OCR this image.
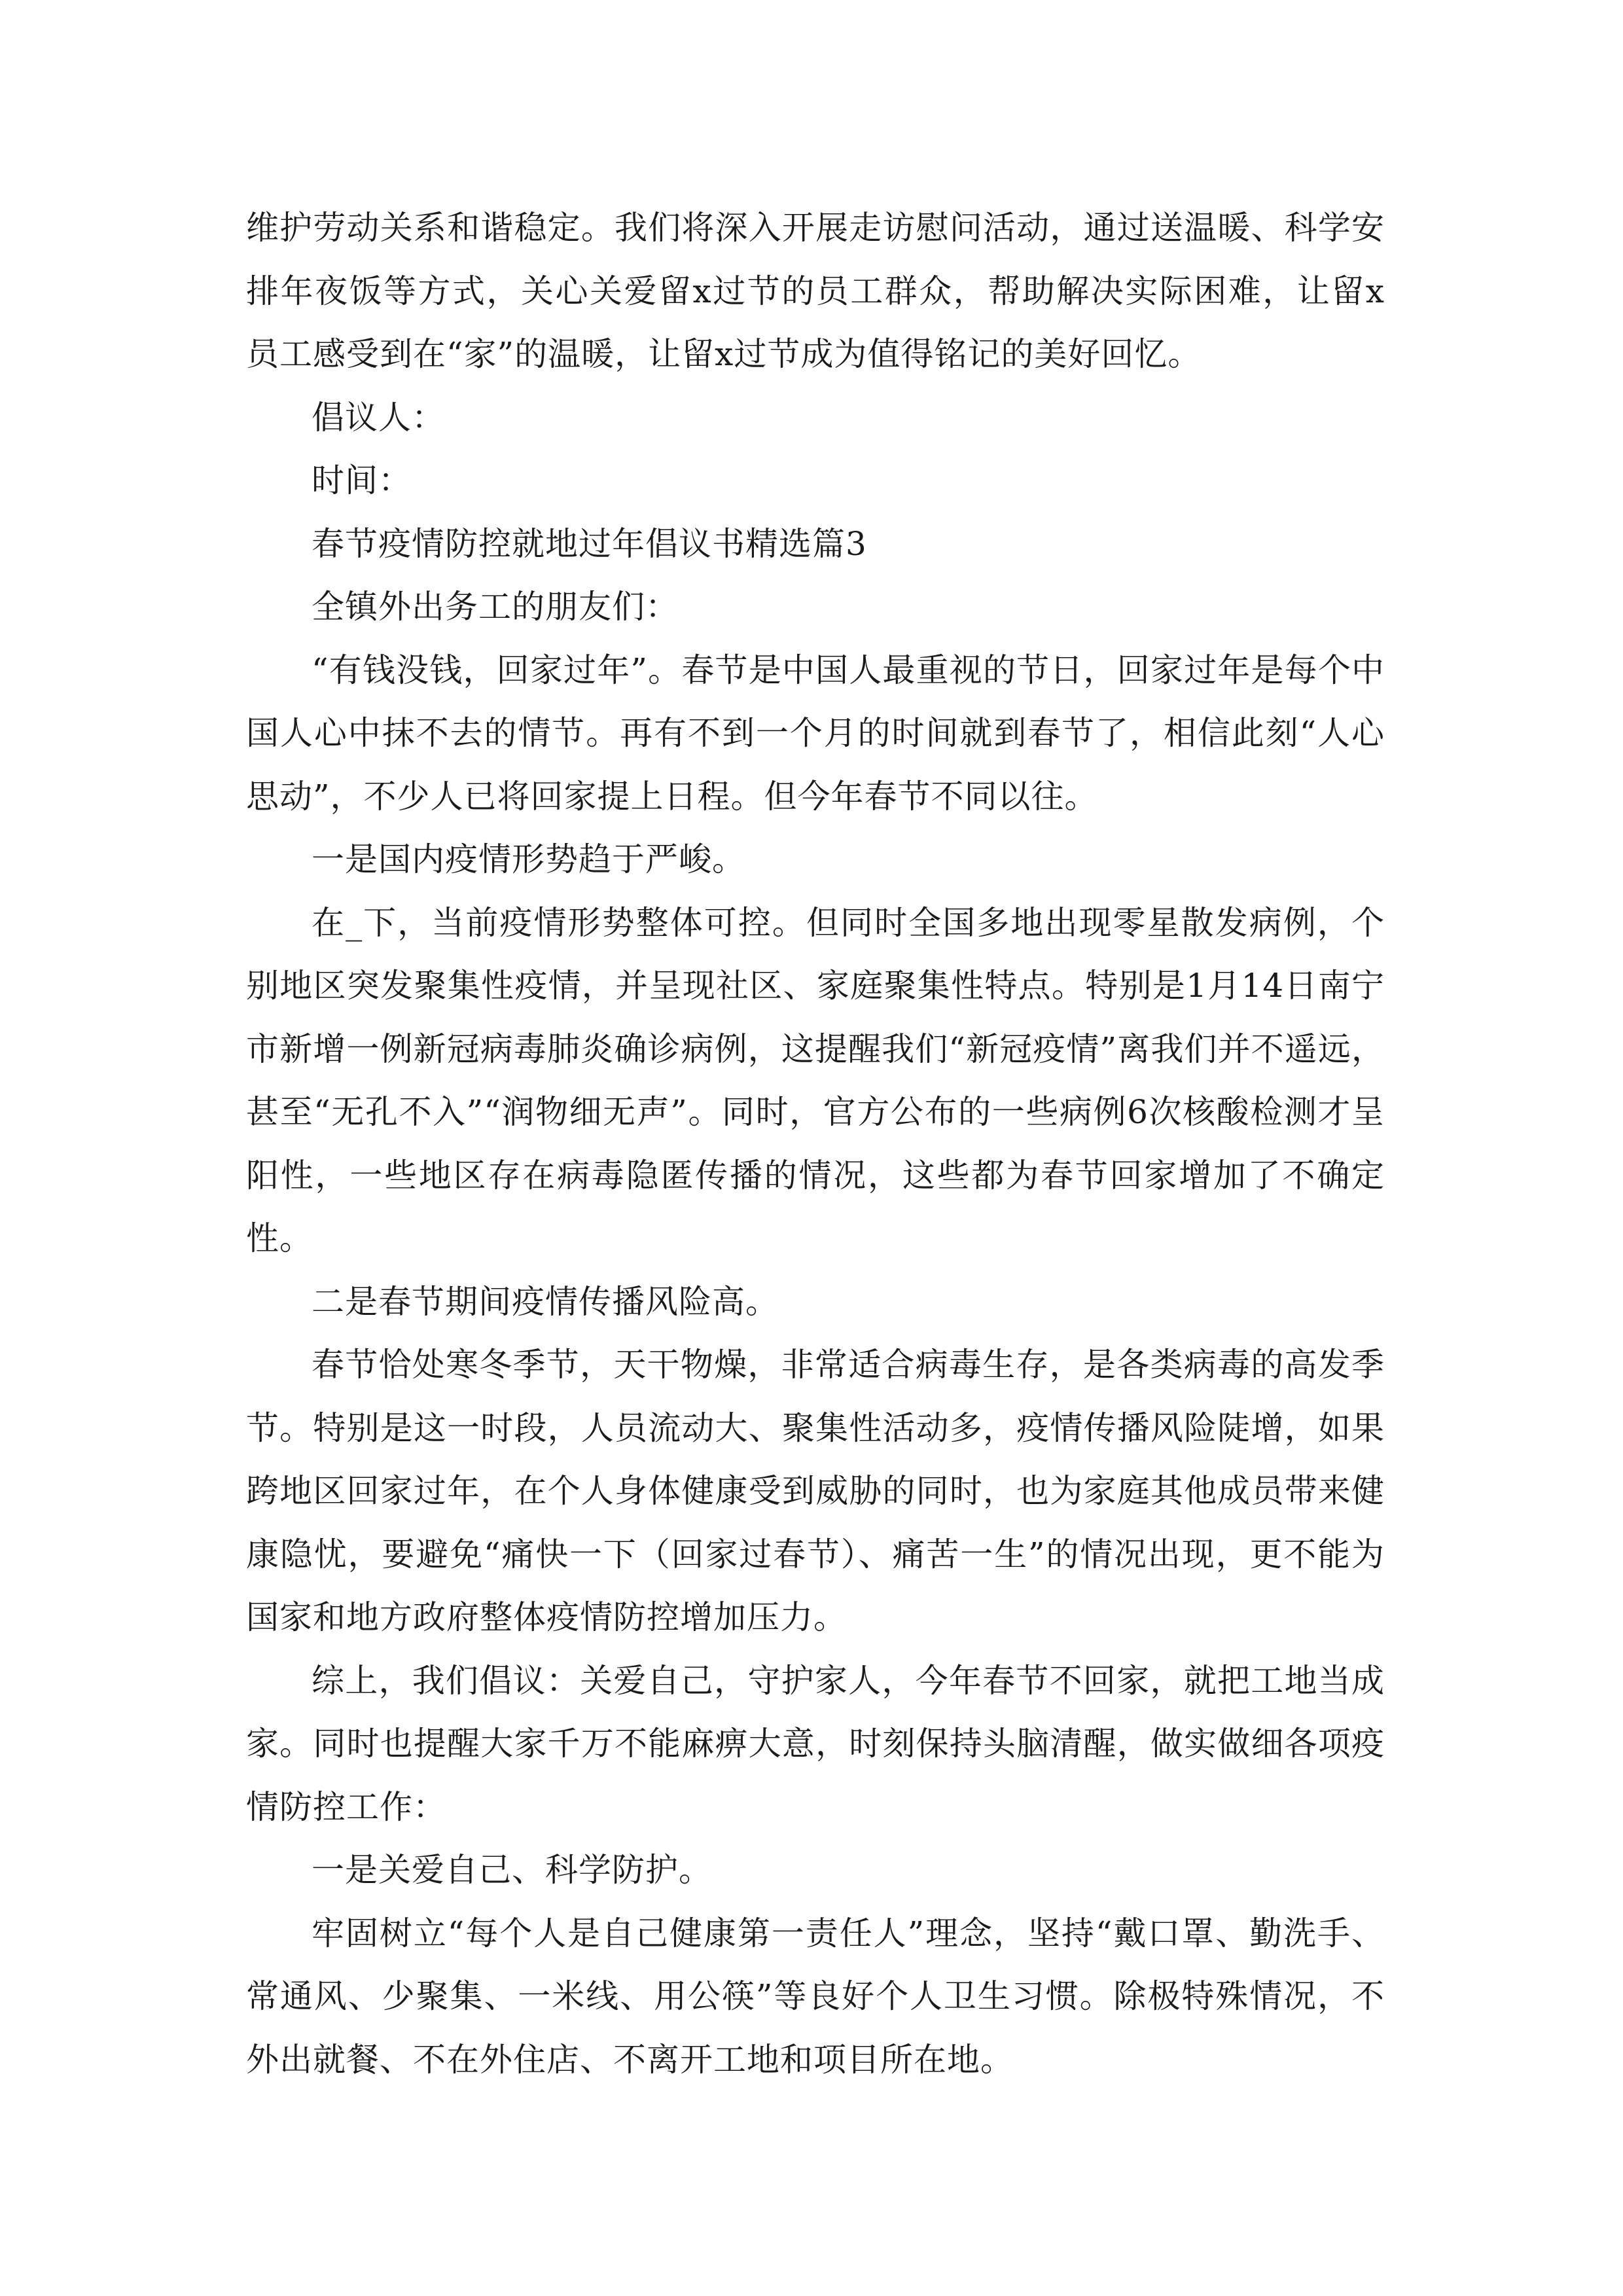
维护劳动关系和谐稳定。我们将深入开展走访慰问活动，通过送温暖、科学安排年夜饭等方式，关心关爱留x过节的员工群众，帮助解决实际困难，让留x员工感受到在“家”的温暖，让留x过节成为值得铭记的美好回忆。

倡议人：

时间：

春节疫情防控就地过年倡议书精选篇3

全镇外出务工的朋友们：

“有钱没钱，回家过年”。春节是中国人最重视的节日，回家过年是每个中国人心中抹不去的情节。再有不到一个月的时间就到春节了，相信此刻“人心思动”，不少人已将回家提上日程。但今年春节不同以往。

一是国内疫情形势趋于严峻。

在_下，当前疫情形势整体可控。但同时全国多地出现零星散发病例，个别地区突发聚集性疫情，并呈现社区、家庭聚集性特点。特别是1月14日南宁市新增一例新冠病毒肺炎确诊病例，这提醒我们“新冠疫情”离我们并不遥远，甚至“无孔不入”“润物细无声”。同时，官方公布的一些病例6次核酸检测才呈阳性，一些地区存在病毒隐匿传播的情况，这些都为春节回家增加了不确定性。

二是春节期间疫情传播风险高。

春节恰处寒冬季节，天干物燥，非常适合病毒生存，是各类病毒的高发季节。特别是这一时段，人员流动大、聚集性活动多，疫情传播风险陡增，如果跨地区回家过年，在个人身体健康受到威胁的同时，也为家庭其他成员带来健康隐忧，要避免“痛快一下（回家过春节）、痛苦一生”的情况出现，更不能为国家和地方政府整体疫情防控增加压力。

综上，我们倡议：关爱自己，守护家人，今年春节不回家，就把工地当成家。同时也提醒大家千万不能麻痹大意，时刻保持头脑清醒，做实做细各项疫情防控工作：

一是关爱自己、科学防护。

牢固树立“每个人是自己健康第一责任人”理念，坚持“戴口罩、勤洗手、常通风、少聚集、一米线、用公筷”等良好个人卫生习惯。除极特殊情况，不外出就餐、不在外住店、不离开工地和项目所在地。
